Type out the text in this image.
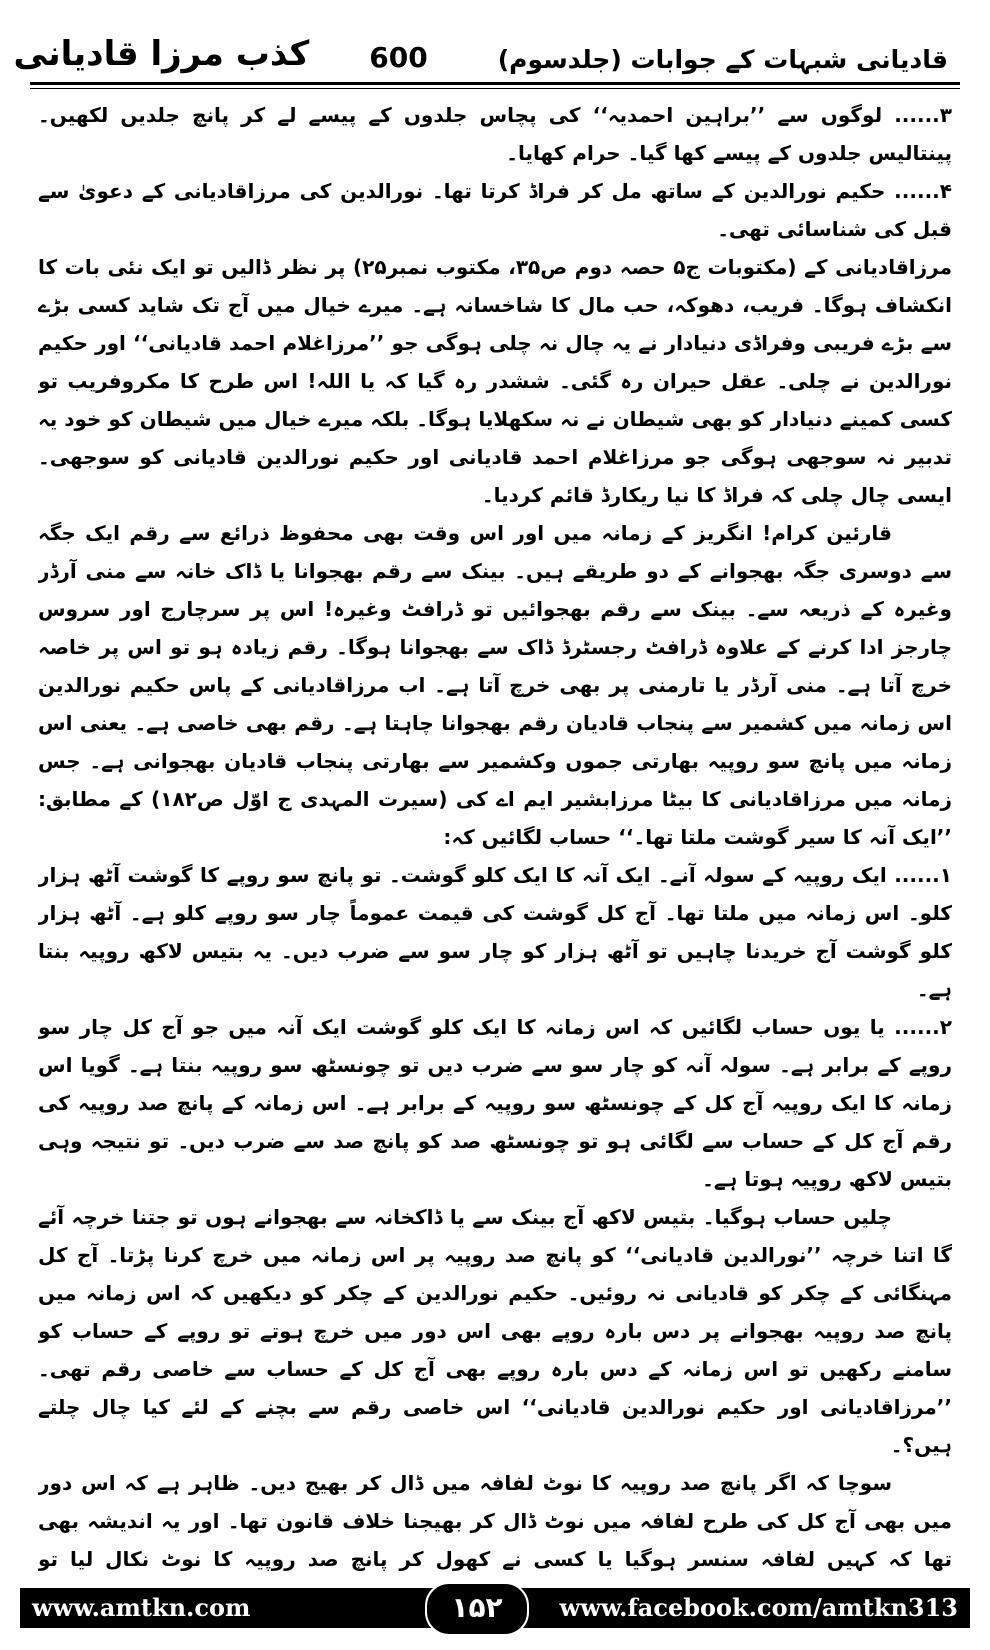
قادیانی شبہات کے جوابات (جلدسوم)
600
کذب مرزا قادیانی

۳...... لوگوں سے ’’براہین احمدیہ‘‘ کی پچاس جلدوں کے پیسے لے کر پانچ جلدیں لکھیں۔ پینتالیس جلدوں کے پیسے کھا گیا۔ حرام کھایا۔

۴...... حکیم نورالدین کے ساتھ مل کر فراڈ کرتا تھا۔ نورالدین کی مرزاقادیانی کے دعویٰ سے قبل کی شناسائی تھی۔

مرزاقادیانی کے (مکتوبات ج۵ حصہ دوم ص۳۵، مکتوب نمبر۲۵) پر نظر ڈالیں تو ایک نئی بات کا انکشاف ہوگا۔ فریب، دھوکہ، حب مال کا شاخسانہ ہے۔ میرے خیال میں آج تک شاید کسی بڑے سے بڑے فریبی وفراڈی دنیادار نے یہ چال نہ چلی ہوگی جو ’’مرزاغلام احمد قادیانی‘‘ اور حکیم نورالدین نے چلی۔ عقل حیران رہ گئی۔ ششدر رہ گیا کہ یا اللہ! اس طرح کا مکروفریب تو کسی کمینے دنیادار کو بھی شیطان نے نہ سکھلایا ہوگا۔ بلکہ میرے خیال میں شیطان کو خود یہ تدبیر نہ سوجھی ہوگی جو مرزاغلام احمد قادیانی اور حکیم نورالدین قادیانی کو سوجھی۔ ایسی چال چلی کہ فراڈ کا نیا ریکارڈ قائم کردیا۔

قارئین کرام! انگریز کے زمانہ میں اور اس وقت بھی محفوظ ذرائع سے رقم ایک جگہ سے دوسری جگہ بھجوانے کے دو طریقے ہیں۔ بینک سے رقم بھجوانا یا ڈاک خانہ سے منی آرڈر وغیرہ کے ذریعہ سے۔ بینک سے رقم بھجوائیں تو ڈرافٹ وغیرہ! اس پر سرچارج اور سروس چارجز ادا کرنے کے علاوہ ڈرافٹ رجسٹرڈ ڈاک سے بھجوانا ہوگا۔ رقم زیادہ ہو تو اس پر خاصہ خرچ آتا ہے۔ منی آرڈر یا تارمنی پر بھی خرچ آتا ہے۔ اب مرزاقادیانی کے پاس حکیم نورالدین اس زمانہ میں کشمیر سے پنجاب قادیان رقم بھجوانا چاہتا ہے۔ رقم بھی خاصی ہے۔ یعنی اس زمانہ میں پانچ سو روپیہ بھارتی جموں وکشمیر سے بھارتی پنجاب قادیان بھجوانی ہے۔ جس زمانہ میں مرزاقادیانی کا بیٹا مرزابشیر ایم اے کی (سیرت المہدی ج اوّل ص۱۸۲) کے مطابق: ’’ایک آنہ کا سیر گوشت ملتا تھا۔‘‘ حساب لگائیں کہ:

۱...... ایک روپیہ کے سولہ آنے۔ ایک آنہ کا ایک کلو گوشت۔ تو پانچ سو روپے کا گوشت آٹھ ہزار کلو۔ اس زمانہ میں ملتا تھا۔ آج کل گوشت کی قیمت عموماً چار سو روپے کلو ہے۔ آٹھ ہزار کلو گوشت آج خریدنا چاہیں تو آٹھ ہزار کو چار سو سے ضرب دیں۔ یہ بتیس لاکھ روپیہ بنتا ہے۔

۲...... یا یوں حساب لگائیں کہ اس زمانہ کا ایک کلو گوشت ایک آنہ میں جو آج کل چار سو روپے کے برابر ہے۔ سولہ آنہ کو چار سو سے ضرب دیں تو چونسٹھ سو روپیہ بنتا ہے۔ گویا اس زمانہ کا ایک روپیہ آج کل کے چونسٹھ سو روپیہ کے برابر ہے۔ اس زمانہ کے پانچ صد روپیہ کی رقم آج کل کے حساب سے لگائی ہو تو چونسٹھ صد کو پانچ صد سے ضرب دیں۔ تو نتیجہ وہی بتیس لاکھ روپیہ ہوتا ہے۔

چلیں حساب ہوگیا۔ بتیس لاکھ آج بینک سے یا ڈاکخانہ سے بھجوانے ہوں تو جتنا خرچہ آئے گا اتنا خرچہ ’’نورالدین قادیانی‘‘ کو پانچ صد روپیہ پر اس زمانہ میں خرچ کرنا پڑتا۔ آج کل مہنگائی کے چکر کو قادیانی نہ روئیں۔ حکیم نورالدین کے چکر کو دیکھیں کہ اس زمانہ میں پانچ صد روپیہ بھجوانے پر دس بارہ روپے بھی اس دور میں خرچ ہوتے تو روپے کے حساب کو سامنے رکھیں تو اس زمانہ کے دس بارہ روپے بھی آج کل کے حساب سے خاصی رقم تھی۔ ’’مرزاقادیانی اور حکیم نورالدین قادیانی‘‘ اس خاصی رقم سے بچنے کے لئے کیا چال چلتے ہیں؟۔

سوچا کہ اگر پانچ صد روپیہ کا نوٹ لفافہ میں ڈال کر بھیج دیں۔ ظاہر ہے کہ اس دور میں بھی آج کل کی طرح لفافہ میں نوٹ ڈال کر بھیجنا خلاف قانون تھا۔ اور یہ اندیشہ بھی تھا کہ کہیں لفافہ سنسر ہوگیا یا کسی نے کھول کر پانچ صد روپیہ کا نوٹ نکال لیا تو

www.amtkn.com	۱۵۲	www.facebook.com/amtkn313
